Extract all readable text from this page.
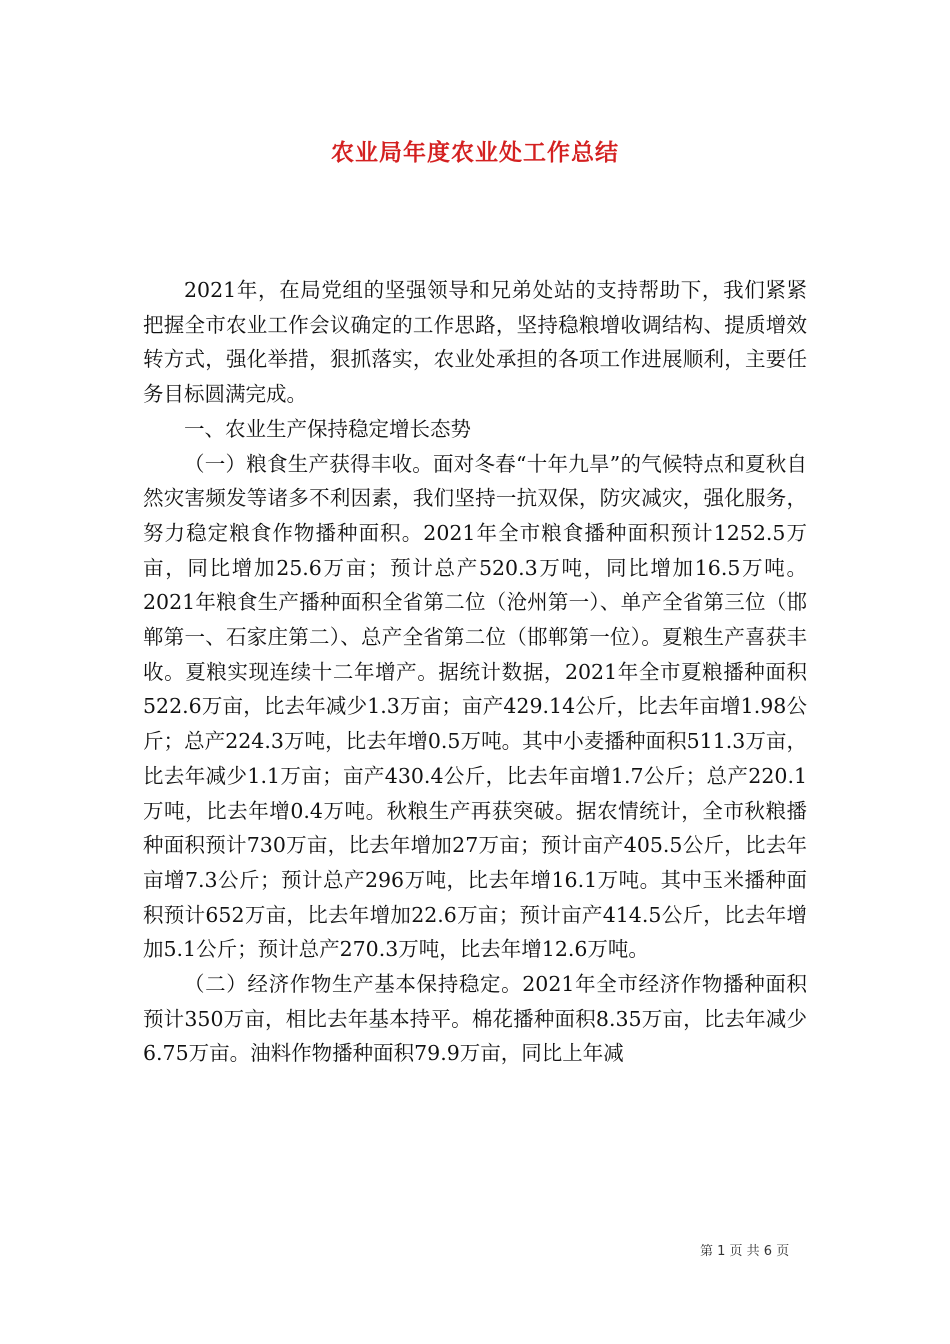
农业局年度农业处工作总结

2021年，在局党组的坚强领导和兄弟处站的支持帮助下，我们紧紧把握全市农业工作会议确定的工作思路，坚持稳粮增收调结构、提质增效转方式，强化举措，狠抓落实，农业处承担的各项工作进展顺利，主要任务目标圆满完成。

一、农业生产保持稳定增长态势

（一）粮食生产获得丰收。面对冬春“十年九旱”的气候特点和夏秋自然灾害频发等诸多不利因素，我们坚持一抗双保，防灾减灾，强化服务，努力稳定粮食作物播种面积。2021年全市粮食播种面积预计1252.5万亩，同比增加25.6万亩；预计总产520.3万吨，同比增加16.5万吨。2021年粮食生产播种面积全省第二位（沧州第一）、单产全省第三位（邯郸第一、石家庄第二）、总产全省第二位（邯郸第一位）。夏粮生产喜获丰收。夏粮实现连续十二年增产。据统计数据，2021年全市夏粮播种面积522.6万亩，比去年减少1.3万亩；亩产429.14公斤，比去年亩增1.98公斤；总产224.3万吨，比去年增0.5万吨。其中小麦播种面积511.3万亩，比去年减少1.1万亩；亩产430.4公斤，比去年亩增1.7公斤；总产220.1万吨，比去年增0.4万吨。秋粮生产再获突破。据农情统计，全市秋粮播种面积预计730万亩，比去年增加27万亩；预计亩产405.5公斤，比去年亩增7.3公斤；预计总产296万吨，比去年增16.1万吨。其中玉米播种面积预计652万亩，比去年增加22.6万亩；预计亩产414.5公斤，比去年增加5.1公斤；预计总产270.3万吨，比去年增12.6万吨。

（二）经济作物生产基本保持稳定。2021年全市经济作物播种面积预计350万亩，相比去年基本持平。棉花播种面积8.35万亩，比去年减少6.75万亩。油料作物播种面积79.9万亩，同比上年减

第 1 页 共 6 页
